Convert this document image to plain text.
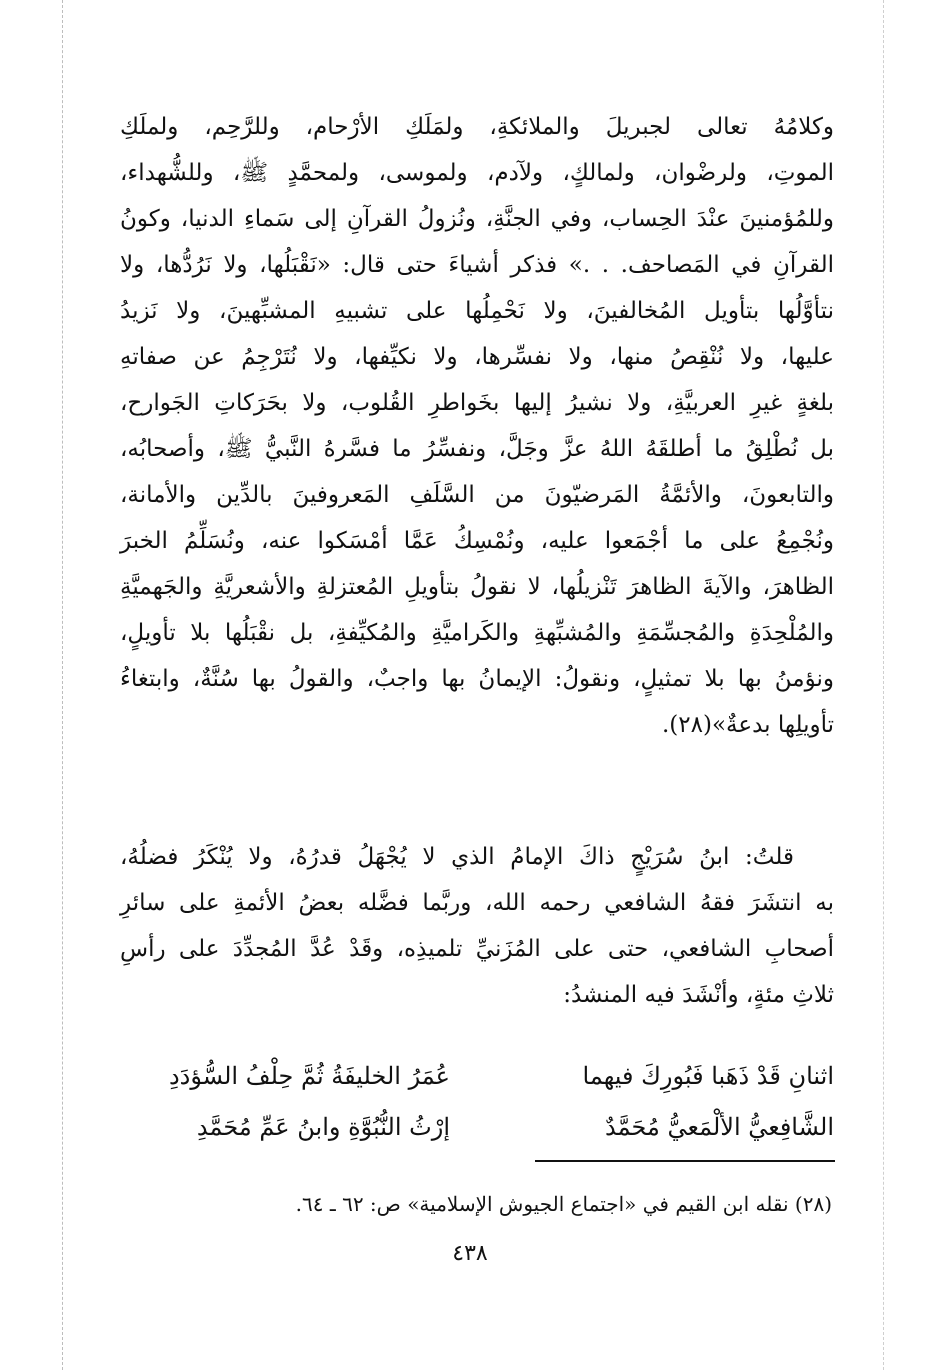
وكلامُهُ تعالى لجبريلَ والملائكةِ، ولمَلَكِ الأرْحام، وللرَّحِم، ولملَكِ
الموتِ، ولرضْوان، ولمالكٍ، ولآدم، ولموسى، ولمحمَّدٍ ﷺ، وللشُّهداء،
وللمُؤمنينَ عنْدَ الحِساب، وفي الجنَّةِ، ونُزولُ القرآنِ إلى سَماءِ الدنيا، وكونُ
القرآنِ في المَصاحف. . .» فذكر أشياءَ حتى قال: «نَقْبَلُها، ولا نَرُدُّها، ولا
نتأوَّلُها بتأويل المُخالفينَ، ولا نَحْمِلُها على تشبيهِ المشبِّهينَ، ولا نَزيدُ
عليها، ولا نُنْقِصُ منها، ولا نفسِّرها، ولا نكيِّفها، ولا نُتَرْجِمُ عن صفاتهِ
بلغةٍ غيرِ العربيَّةِ، ولا نشيرُ إليها بخَواطرِ القُلوب، ولا بحَرَكاتِ الجَوارح،
بل نُطْلِقُ ما أطلقَهُ اللهُ عزَّ وجَلَّ، ونفسِّرُ ما فسَّرهُ النَّبيُّ ﷺ، وأصحابُه،
والتابعونَ، والأئمَّةُ المَرضيّونَ من السَّلَفِ المَعروفينَ بالدِّين والأمانة،
ونُجْمِعُ على ما أجْمَعوا عليه، ونُمْسِكُ عَمَّا أمْسَكوا عنه، ونُسَلِّمُ الخبرَ
الظاهرَ، والآيةَ الظاهرَ تَنْزيلُها، لا نقولُ بتأويلِ المُعتزلةِ والأشعريَّةِ والجَهميَّةِ
والمُلْحِدَةِ والمُجسِّمَةِ والمُشبِّهةِ والكَراميَّةِ والمُكيِّفةِ، بل نقْبَلُها بلا تأويلٍ،
ونؤمنُ بها بلا تمثيلٍ، ونقولُ: الإيمانُ بها واجبٌ، والقولُ بها سُنَّةٌ، وابتغاءُ
تأويلِها بدعةٌ»(٢٨).
قلتُ: ابنُ سُرَيْجٍ ذاكَ الإمامُ الذي لا يُجْهَلُ قدرُهُ، ولا يُنْكَرُ فضلُهُ،
به انتشَرَ فقهُ الشافعي رحمه الله، وربَّما فضَّله بعضُ الأئمةِ على سائرِ
أصحابِ الشافعي، حتى على المُزَنيِّ تلميذِه، وقَدْ عُدَّ المُجدِّدَ على رأسِ
ثلاثِ مئةٍ، وأنْشَدَ فيه المنشدُ:
اثنانِ قَدْ ذَهَبا فَبُورِكَ فيهما
عُمَرُ الخليفَةُ ثُمَّ حِلْفُ السُّؤدَدِ
الشَّافِعيُّ الألْمَعيُّ مُحَمَّدٌ
إرْثُ النُّبُوَّةِ وابنُ عَمِّ مُحَمَّدِ
(٢٨) نقله ابن القيم في «اجتماع الجيوش الإسلامية» ص: ٦٢ ـ ٦٤.
٤٣٨
